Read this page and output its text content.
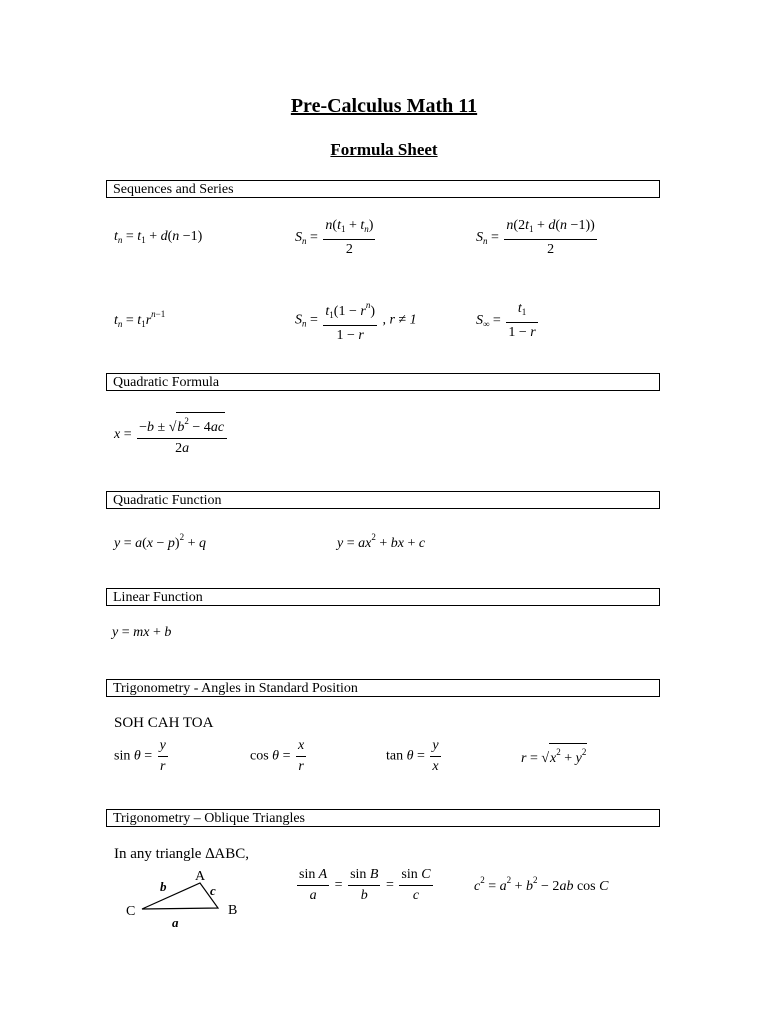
Pre-Calculus Math 11
Formula Sheet
Sequences and Series
$t_n = t_1 + d(n -1)$	$S_n = \frac{n(t_1 + t_n)}{2}$	$S_n = \frac{n(2t_1 + d(n -1))}{2}$
$t_n = t_1r^{n-1}$	$S_n = \frac{t_1(1 - r^n)}{1 - r}$ , r ≠ 1	$S_\infty = \frac{t_1}{1 - r}$
Quadratic Formula
$x = \frac{-b \pm √b^2 - 4ac}{2a}$
Quadratic Function
$y = a(x - p)^2 + q$	$y = ax^2$ + bx + c
Linear Function
y = mx + b
Trigonometry - Angles in Standard Position
SOH CAH TOA
$\sin \theta = \frac{y}{r}$	$\cos \theta = \frac{x}{r}$	$\tan \theta = \frac{y}{x}$	$r = √x^2 + y^2$
Trigonometry – Oblique Triangles
In any triangle ∆ABC,
A
B
C
b	c
a
$\frac{\text{sin A}}{a} = \frac{\text{sin B}}{b} = \frac{\text{sin C}}{c}$	$c^2 = a^2 + b^2 - 2ab$ cos C
